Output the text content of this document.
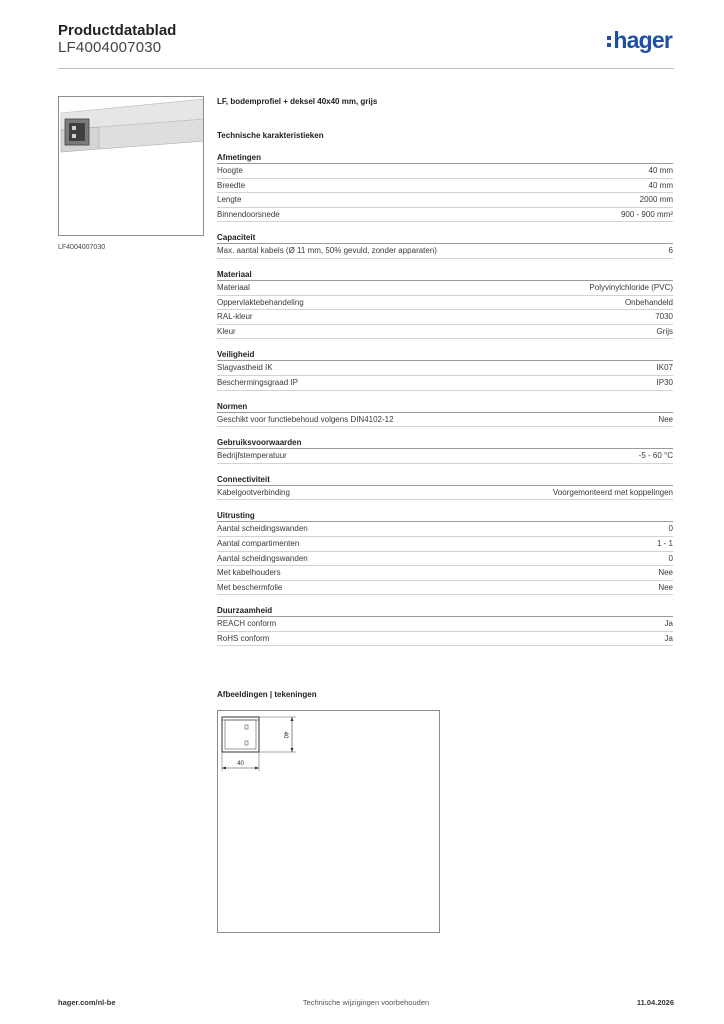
Productdatablad
LF4004007030	hager
LF4004007030
LF, bodemprofiel + deksel 40x40 mm, grijs
Technische karakteristieken
Afmetingen
Hoogte	40 mm
Breedte	40 mm
Lengte	2000 mm
Binnendoorsnede	900 - 900 mm²
Capaciteit
Max. aantal kabels (Ø 11 mm, 50% gevuld, zonder apparaten)	6
Materiaal
Materiaal	Polyvinylchloride (PVC)
Oppervlaktebehandeling	Onbehandeld
RAL-kleur	7030
Kleur	Grijs
Veiligheid
Slagvastheid IK	IK07
Beschermingsgraad IP	IP30
Normen
Geschikt voor functiebehoud volgens DIN4102-12	Nee
Gebruiksvoorwaarden
Bedrijfstemperatuur	-5 - 60 °C
Connectiviteit
Kabelgootverbinding	Voorgemonteerd met koppelingen
Uitrusting
Aantal scheidingswanden	0
Aantal compartimenten	1 - 1
Aantal scheidingswanden	0
Met kabelhouders	Nee
Met beschermfolie	Nee
Duurzaamheid
REACH conform	Ja
RoHS conform	Ja
Afbeeldingen | tekeningen
40
40
hager.com/nl-be	Technische wijzigingen voorbehouden	11.04.2026
